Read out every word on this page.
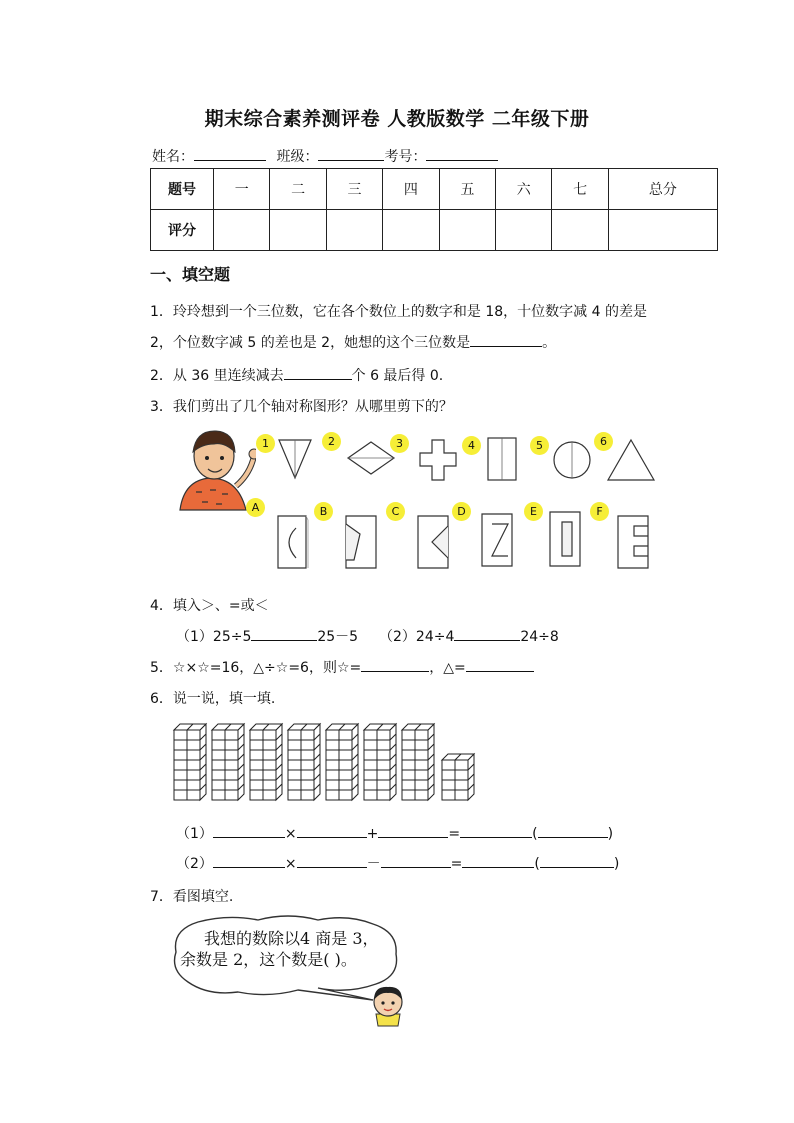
期末综合素养测评卷 人教版数学 二年级下册
姓名：	班级：	考号：
题号	一	二	三	四	五	六	七	总分
评分								
一、填空题
1．玲玲想到一个三位数，它在各个数位上的数字和是 18，十位数字减 4 的差是
2，个位数字减 5 的差也是 2，她想的这个三位数是	。
2．从 36 里连续减去	个 6 最后得 0.
3．我们剪出了几个轴对称图形？从哪里剪下的？
1	2	3	4	5	6
A	B	C	D	E	F
4．填入＞、=或＜
（1）25÷5	25－5 （2）24÷4	24÷8
5．☆×☆=16，△÷☆=6，则☆=	，△=
6．说一说，填一填.
（1）	×	+	=	(	)
（2）	×	－	=	(	)
7．看图填空.
我想的数除以4 商是 3，
余数是 2，这个数是( )。
